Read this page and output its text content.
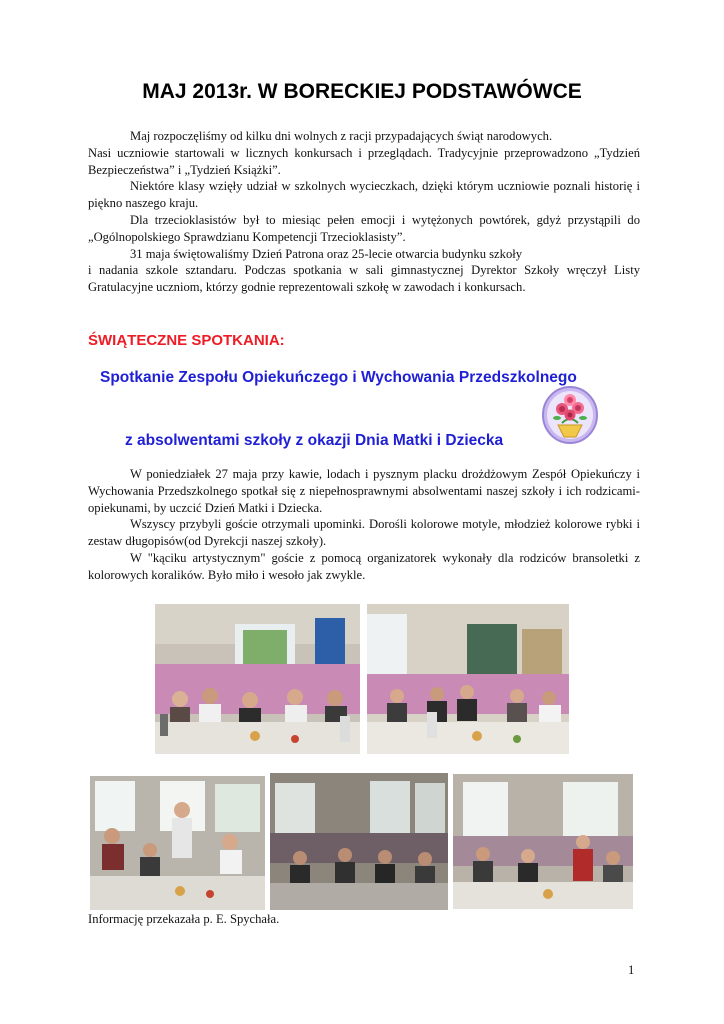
MAJ 2013r. W BORECKIEJ PODSTAWÓWCE

Maj rozpoczęliśmy od kilku dni wolnych z racji przypadających świąt narodowych.

Nasi uczniowie startowali w licznych konkursach i przeglądach. Tradycyjnie przeprowadzono „Tydzień Bezpieczeństwa” i „Tydzień Książki”.

Niektóre klasy wzięły udział w szkolnych wycieczkach, dzięki którym uczniowie poznali historię i piękno naszego kraju.

Dla trzecioklasistów był to miesiąc pełen emocji i wytężonych powtórek, gdyż przystąpili do „Ogólnopolskiego Sprawdzianu Kompetencji Trzecioklasisty”.

31 maja świętowaliśmy Dzień Patrona oraz 25-lecie otwarcia budynku szkoły

i nadania szkole sztandaru. Podczas spotkania w sali gimnastycznej Dyrektor Szkoły wręczył Listy Gratulacyjne uczniom, którzy godnie reprezentowali szkołę w zawodach i konkursach.

ŚWIĄTECZNE SPOTKANIA:
Spotkanie Zespołu Opiekuńczego i Wychowania Przedszkolnego
z absolwentami szkoły z okazji Dnia Matki i Dziecka

W poniedziałek 27 maja przy kawie, lodach i pysznym placku drożdżowym Zespół Opiekuńczy i Wychowania Przedszkolnego spotkał się z niepełnosprawnymi absolwentami naszej szkoły i ich rodzicami- opiekunami, by uczcić Dzień Matki i Dziecka.

Wszyscy przybyli goście otrzymali upominki. Dorośli kolorowe motyle, młodzież kolorowe rybki i zestaw długopisów(od Dyrekcji naszej szkoły).

W "kąciku artystycznym" goście z pomocą organizatorek wykonały dla rodziców bransoletki z kolorowych koralików. Było miło i wesoło jak zwykle.

Informację przekazała p. E. Spychała.

1
